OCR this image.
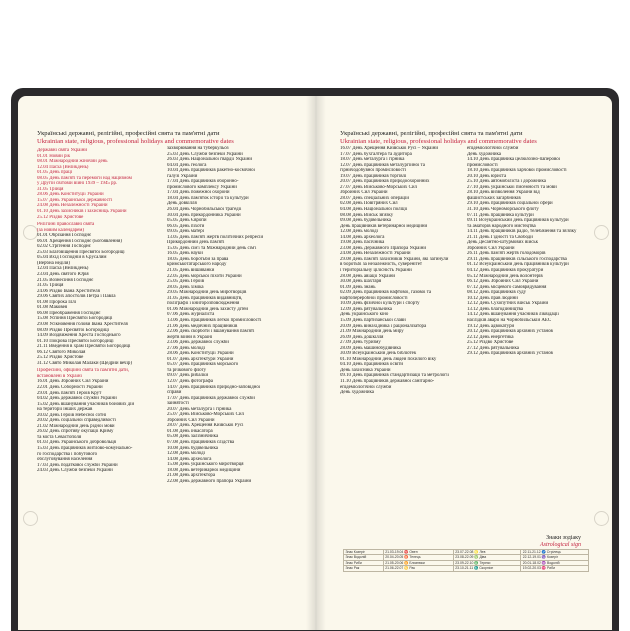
Українські державні, релігійні, професійні свята та пам'ятні дати
Ukrainian state, religious, professional holidays and commemorative dates
Українські державні, релігійні, професійні свята та пам'ятні дати
Ukrainian state, religious, professional holidays and commemorative dates
Державні свята України
01.01 Новий рік
08.01 Міжнародний жіночий день
12.04 Пасха (Великдень)
01.05 День праці
08.05 День пам'яті та перемоги над нацизмом
у Другій світовій війні 1939 – 1945 рр.
31.05 Трійця
28.06 День Конституції України
15.07 День Української державності
24.08 День Незалежності України
01.10 День захисників і захисниць України
25.12 Різдво Христове
Релігійні православні свята
(за новим календарем)
01.01 Обрізання Господнє
06.01 Хрещення Господнє (Богоявлення)
02.02 Стрітення Господнє
25.03 Благовіщення Пресвятої Богородиці
05.04 Вхід Господній в Єрусалим
(Вербна неділя)
12.04 Пасха (Великдень)
23.04 День святого Юрія
21.05 Вознесіння Господнє
31.05 Трійця
24.06 Різдво Івана Хрестителя
29.06 Святих апостолів Петра і Павла
01.08 Пророка Іллі
01.08 Маковея
06.08 Преображення Господнє
15.08 Успіння Пресвятої Богородиці
29.08 Усікновення голови Івана Хрестителя
08.09 Різдво Пресвятої Богородиці
14.09 Воздвиження Хреста Господнього
01.10 Покрова Пресвятої Богородиці
21.11 Введення в храм Пресвятої Богородиці
06.12 Святого Миколая
25.12 Різдво Христове
31.12 Свято Миколая Малаки (Щедрий вечір)
Професійні, офіційні свята та пам'ятні дати,
встановлені в Україні
16.01 День Збройних Сил України
22.01 День Соборності України
29.01 День пам'яті Героїв Крут
04.02 День державної служби України
15.02 День вшанування учасників бойових дій
на території інших держав
20.02 День Героїв Небесної сотні
20.02 День соціальної справедливості
21.02 Міжнародний день рідної мови
26.02 День спротиву окупації Криму
та міста Севастополя
01.03 День Українського добровольця
15.03 День працівників житлово-комунально-
го господарства і побутового
обслуговування населення
17.03 День податкової служби України
24.03 День Служби безпеки України
захворювання на туберкульоз
25.03 День Служби безпеки України
26.03 День Національної гвардії України
04.04 День геолога
10.04 День працівників ракетно-космічної
галузі України
17.04 День працівників оборонно-
промислового комплексу України
17.04 День пожежної охорони
18.04 День пам'яток історії та культури
День довкілля
26.04 День Чорнобильської трагедії
30.04 День прикордонника України
05.05 День Європи
06.05 День піхоти
09.05 День матері
13.05 День пам'яті жертв політичних репресій
Прикордонний день пам'яті
15.05 День сім'ї та Міжнародний день сім'ї
16.05 День науки
18.05 День боротьби за права
кримськотатарського народу
21.05 День вишиванки
22.05 День морської піхоти України
25.05 День Героїв
28.05 День хіміка
29.05 Міжнародний день миротворців
31.05 День працівників видавництв,
поліграфії і книгорозповсюдження
01.06 Міжнародний день захисту дітей
07.06 День журналіста
13.06 День працівників легкої промисловості
21.06 День медичних працівників
22.06 День скорботи і вшанування пам'яті
жертв війни в Україні
23.06 День державної служби
27.06 День молоді
28.06 День Конституції України
01.07 День архітектури України
05.07 День працівників морського
та річкового флоту
09.07 День рибалки
12.07 День фотографа
14.07 День працівників природно-заповідної
справи
17.07 День працівників державної служби
зайнятості
20.07 День металурга і гірника
25.07 День Військово-Морських Сил
Збройних Сил України
28.07 День Хрещення Київської Русі
01.08 День інкасатора
05.08 День залізничника
07.08 День працівників слідства
10.08 День будівельника
12.08 День молоді
14.08 День археолога
15.08 День українського миротворця
18.08 День ветеринарної медицини
21.08 День архітектора
22.08 День державного прапора України
16.07 День Хрещення Київської Русі – України
17.07 День бухгалтера та аудитора
18.07 День металурга і гірника
12.07 День працівників металургійної та
гірничодобувної промисловості
19.07 День працівників торгівлі
20.07 День працівників природоохоронних
27.07 День Військово-Морських Сил
Збройних Сил України
28.07 День спеціальних операцій
02.08 День Повітряних Сил
04.08 День Національної поліції
08.08 День Військ зв'язку
09.08 День будівельника
День працівників ветеринарної медицини
12.08 День молоді
14.08 День археолога
19.08 День пасічника
23.08 День Державного Прапора України
24.08 День Незалежності України
29.08 День пам'яті захисників України, які загинули
в боротьбі за незалежність, суверенітет
і територіальну цілісність України
28.08 День авіації України
30.08 День шахтаря
01.09 День знань
02.09 День працівників нафтової, газової та
нафтопереробної промисловості
10.09 День фізичної культури і спорту
12.09 День рятувальника
День українського кіно
15.09 День партизанської слави
20.09 День винахідника і раціоналізатора
21.09 Міжнародний день миру
26.09 День дошкілля
27.09 День туризму
28.09 День машинобудівника
30.09 Всеукраїнський день бібліотек
01.10 Міжнародний день людей похилого віку
04.10 День працівників освіти
День захисника України
09.10 День працівників стандартизації та метрології
11.10 День працівників державної санітарно-
епідеміологічної служби
День художника
епідеміологічної служби
День художника
14.10 День працівника целюлозно-паперової
промисловості
18.10 День працівників харчової промисловості
20.10 День юриста
25.10 День автомобіліста і дорожника
27.10 День української писемності та мови
28.10 День визволення України від
фашистських загарбників
29.10 День працівників соціальної сфери
31.10 День Чорноморського флоту
07.11 День працівника культури
09.11 Всеукраїнський день працівників культури
та аматорів народного мистецтва
14.11 День працівників радіо, телебачення та зв'язку
21.11 День Гідності та Свободи
День Десантно-штурмових військ
Збройних Сил України
26.11 День пам'яті жертв голодоморів
29.11 День працівників сільського господарства
01.12 Всеукраїнський день працівників культури
04.12 День працівників прокуратури
05.12 Міжнародний день волонтерів
06.12 День Збройних Сил України
07.12 День місцевого самоврядування
08.12 День працівників суду
10.12 День прав людини
12.12 День Сухопутних військ України
13.12 День благодійництва
14.12 День вшанування учасників ліквідації
наслідків аварії на Чорнобильській АЕС
19.12 День адвокатури
20.12 День працівників архівних установ
22.12 День енергетика
25.12 Різдво Христове
27.12 День рятувальника
29.12 День працівників архівних установ
Знаки зодіаку
Astrological sign
Знак Козеріг	21.03-19.04 ♈ Овен	23.07-22.08 ♌ Лев	22.11-21.12 ♐ Стрілець
Знак Водолій	20.04-20.05 ♉ Телець	23.08-22.09 ♍ Діва	22.12-19.01 ♑ Козеріг
Знак Риби	21.05-20.06 ♊ Близнюки	23.09-22.10 ♎ Терези	20.01-18.02 ♒ Водолій
Знак Рак	21.06-22.07 ♋ Рак	23.10-21.11 ♏ Скорпіон	19.02-20.03 ♓ Риби
